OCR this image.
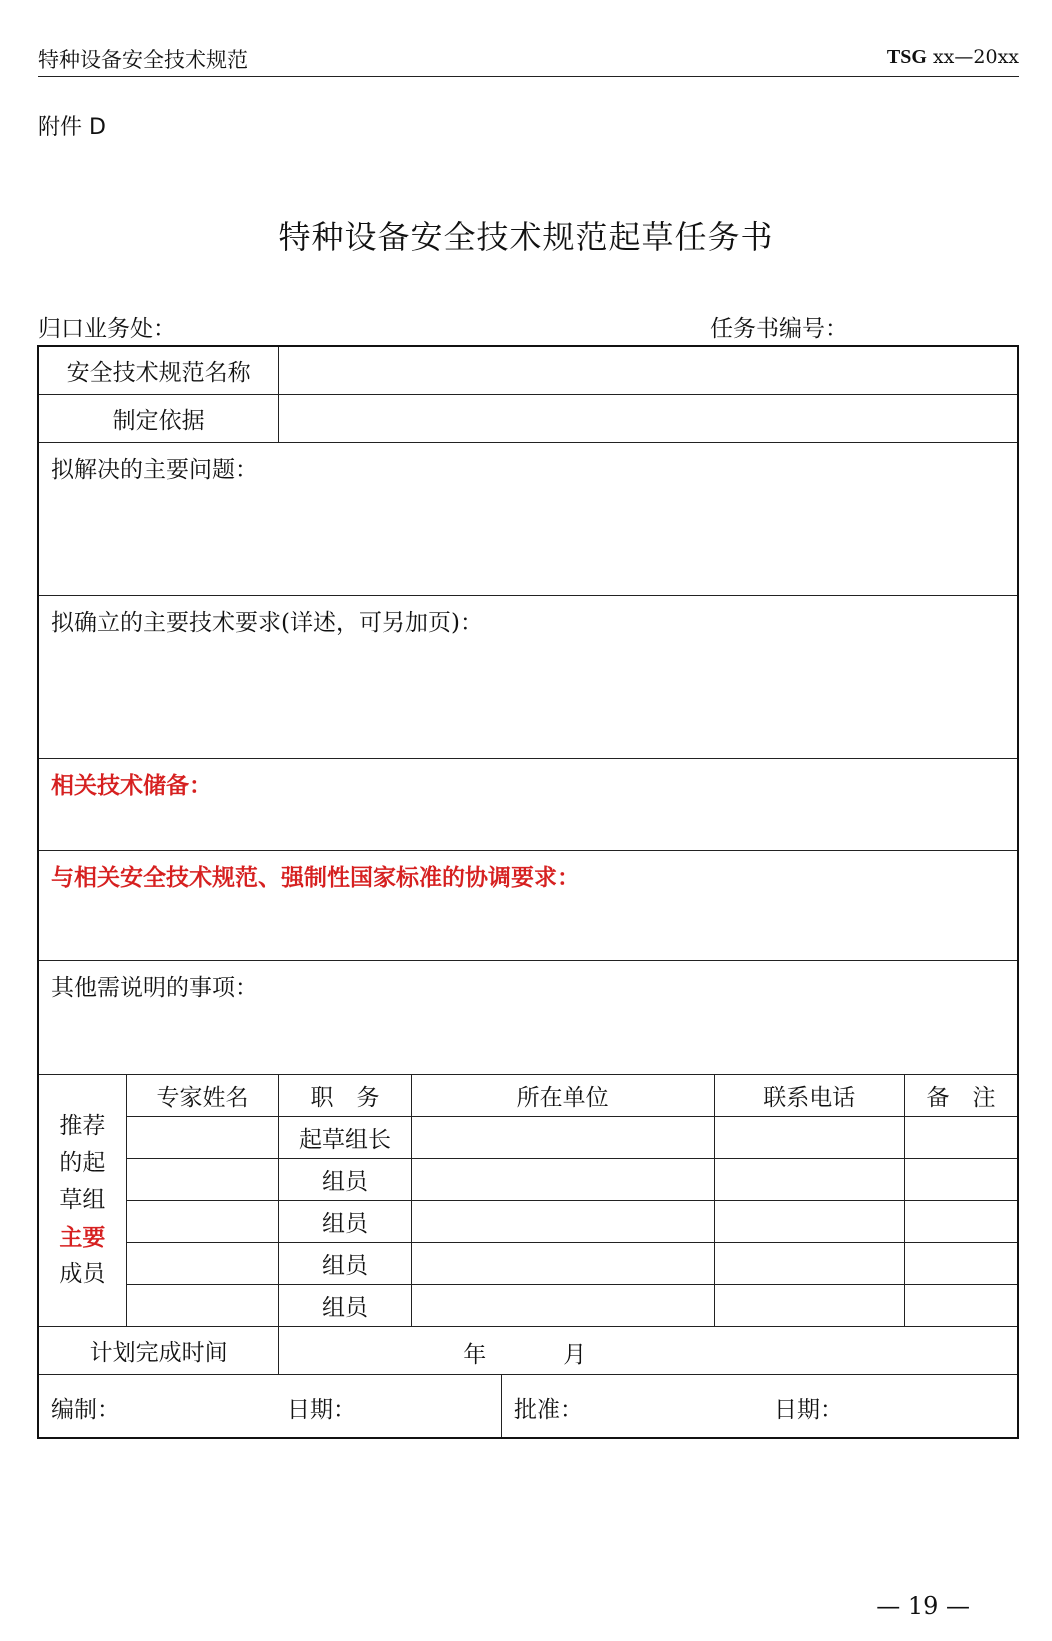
特种设备安全技术规范	TSG xx—20xx
附件 D
特种设备安全技术规范起草任务书
归口业务处：	任务书编号：
安全技术规范名称					
制定依据					
拟解决的主要问题：					
拟确立的主要技术要求(详述，可另加页)：					
相关技术储备：					
与相关安全技术规范、强制性国家标准的协调要求：					
其他需说明的事项：					

推荐
的起
草组
主要
成员	专家姓名	职　务	所在单位	联系电话	备　注
		起草组长			
		组员			
		组员			
		组员			
		组员			
计划完成时间		年 月			

编制： 日期： 批准： 日期：					
— 19 —
